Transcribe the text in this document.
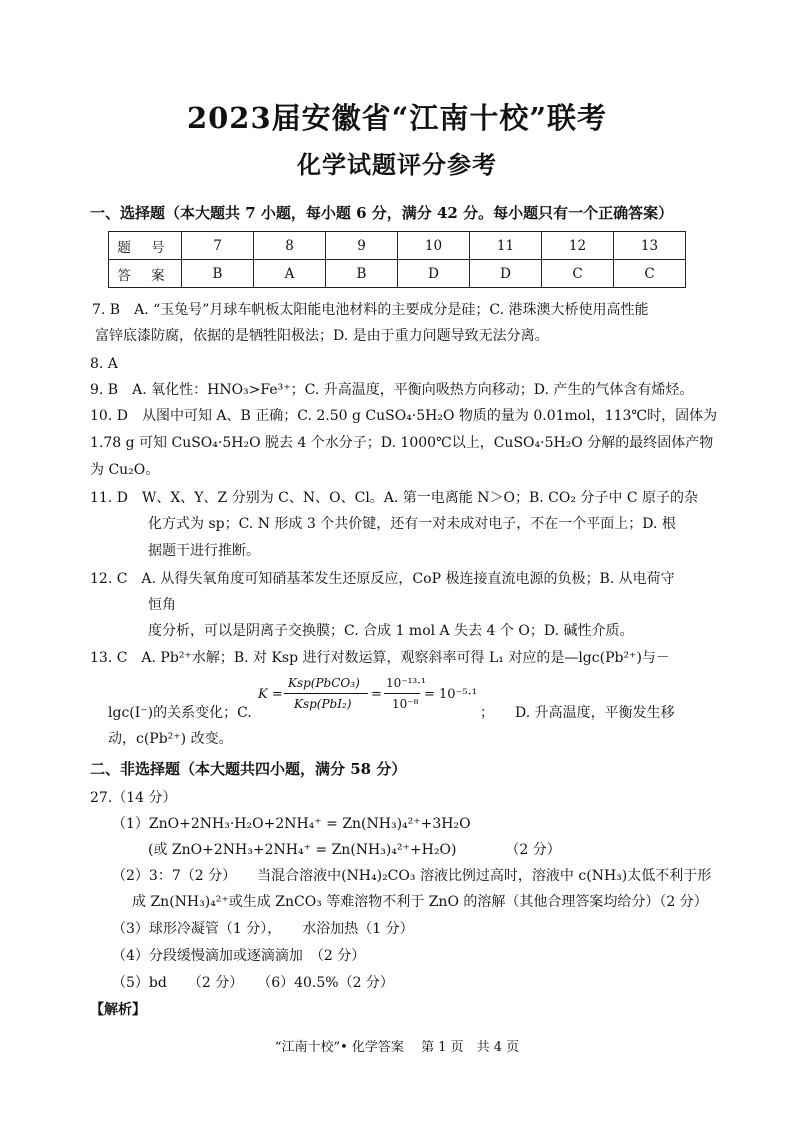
2023届安徽省“江南十校”联考
化学试题评分参考
一、选择题（本大题共 7 小题，每小题 6 分，满分 42 分。每小题只有一个正确答案）
题 号	7	8	9	10	11	12	13
答 案	B	A	B	D	D	C	C
7. B　A. “玉兔号”月球车帆板太阳能电池材料的主要成分是硅；C. 港珠澳大桥使用高性能
富锌底漆防腐，依据的是牺牲阳极法；D. 是由于重力问题导致无法分离。
8. A
9. B　A. 氧化性：HNO₃>Fe³⁺；C. 升高温度，平衡向吸热方向移动；D. 产生的气体含有烯烃。
10. D　从图中可知 A、B 正确；C. 2.50 g CuSO₄·5H₂O 物质的量为 0.01mol，113℃时，固体为
1.78 g 可知 CuSO₄·5H₂O 脱去 4 个水分子；D. 1000℃以上，CuSO₄·5H₂O 分解的最终固体产物
为 Cu₂O。
11. D　W、X、Y、Z 分别为 C、N、O、Cl。A. 第一电离能 N＞O；B. CO₂ 分子中 C 原子的杂
化方式为 sp；C. N 形成 3 个共价键，还有一对未成对电子，不在一个平面上；D. 根
据题干进行推断。
12. C　A. 从得失氧角度可知硝基苯发生还原反应，CoP 极连接直流电源的负极；B. 从电荷守
恒角
度分析，可以是阴离子交换膜；C. 合成 1 mol A 失去 4 个 O；D. 碱性介质。
13. C　A. Pb²⁺水解；B. 对 Ksp 进行对数运算，观察斜率可得 L₁ 对应的是—lgc(Pb²⁺)与－
K =
Ksp(PbCO₃)
Ksp(PbI₂)
=
10⁻¹³·¹
10⁻⁸
= 10⁻⁵·¹
lgc(I⁻)的关系变化；C.	；　　D. 升高温度，平衡发生移
动，c(Pb²⁺) 改变。
二、非选择题（本大题共四小题，满分 58 分）
27.（14 分）
（1）ZnO+2NH₃·H₂O+2NH₄⁺ = Zn(NH₃)₄²⁺+3H₂O
(或 ZnO+2NH₃+2NH₄⁺ = Zn(NH₃)₄²⁺+H₂O)　　　　（2 分）
（2）3：7（2 分）　　当混合溶液中(NH₄)₂CO₃ 溶液比例过高时，溶液中 c(NH₃)太低不利于形
成 Zn(NH₃)₄²⁺或生成 ZnCO₃ 等难溶物不利于 ZnO 的溶解（其他合理答案均给分）（2 分）
（3）球形冷凝管（1 分），　　水浴加热（1 分）
（4）分段缓慢滴加或逐滴滴加　（2 分）
（5）bd　　（2 分）　　（6）40.5%（2 分）
【解析】
“江南十校”• 化学答案　 第 1 页　共 4 页
